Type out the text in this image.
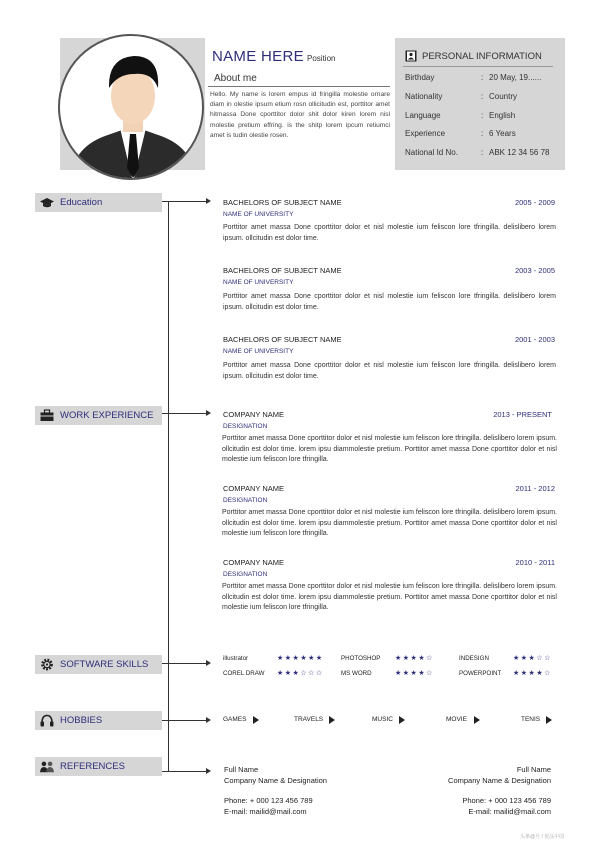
NAME HERE Position
About me
Hello. My name is lorem empus id fringilla molestie ornare diam in olestie ipsum etium rosn ollicitudin est, porttitor amet hitmassa Done cporttitor dolor shit dolor kiren lorem nisl molestie pretium effring. is the shitp lorem ipcum retiumci amet is tudin olestie rosen.
PERSONAL INFORMATION
Birthday	: 20 May, 19......
Nationality	: Country
Language	: English
Experience	: 6 Years
National Id No.	: ABK 12 34 56 78
Education
WORK EXPERIENCE
SOFTWARE SKILLS
HOBBIES
REFERENCES
BACHELORS OF SUBJECT NAME	2005 - 2009
NAME OF UNIVERSITY
Porttitor amet massa Done cporttitor dolor et nisl molestie ium feliscon lore tfringilla. delislibero lorem ipsum. ollcitudin est dolor time.
BACHELORS OF SUBJECT NAME	2003 - 2005
NAME OF UNIVERSITY
Porttitor amet massa Done cporttitor dolor et nisl molestie ium feliscon lore tfringilla. delislibero lorem ipsum. ollcitudin est dolor time.
BACHELORS OF SUBJECT NAME	2001 - 2003
NAME OF UNIVERSITY
Porttitor amet massa Done cporttitor dolor et nisl molestie ium feliscon lore tfringilla. delislibero lorem ipsum. ollcitudin est dolor time.
COMPANY NAME	2013 - PRESENT
DESIGNATION
Porttitor amet massa Done cporttitor dolor et nisl molestie ium feliscon lore tfringilla. delislibero lorem ipsum. ollcitudin est dolor time. lorem ipsu diammolestie pretium. Porttitor amet massa Done cporttitor dolor et nisl molestie ium feliscon lore tfringilla.
COMPANY NAME	2011 - 2012
DESIGNATION
Porttitor amet massa Done cporttitor dolor et nisl molestie ium feliscon lore tfringilla. delislibero lorem ipsum. ollcitudin est dolor time. lorem ipsu diammolestie pretium. Porttitor amet massa Done cporttitor dolor et nisl molestie ium feliscon lore tfringilla.
COMPANY NAME	2010 - 2011
DESIGNATION
Porttitor amet massa Done cporttitor dolor et nisl molestie ium feliscon lore tfringilla. delislibero lorem ipsum. ollcitudin est dolor time. lorem ipsu diammolestie pretium. Porttitor amet massa Done cporttitor dolor et nisl molestie ium feliscon lore tfringilla.
illustrator	★★★★★★	PHOTOSHOP ★★★★☆	INDESIGN	★★★☆☆
COREL DRAW ★★★☆☆☆	MS WORD	★★★★☆	POWERPOINT ★★★★☆
GAMES	TRAVELS	MUSIC	MOVIE	TENIS
Full Name
Company Name & Designation
Phone: + 000 123 456 789
E-mail: mailid@mail.com
Full Name
Company Name & Designation
Phone: + 000 123 456 789
E-mail: mailid@mail.com
头条@号 / 优品中国
